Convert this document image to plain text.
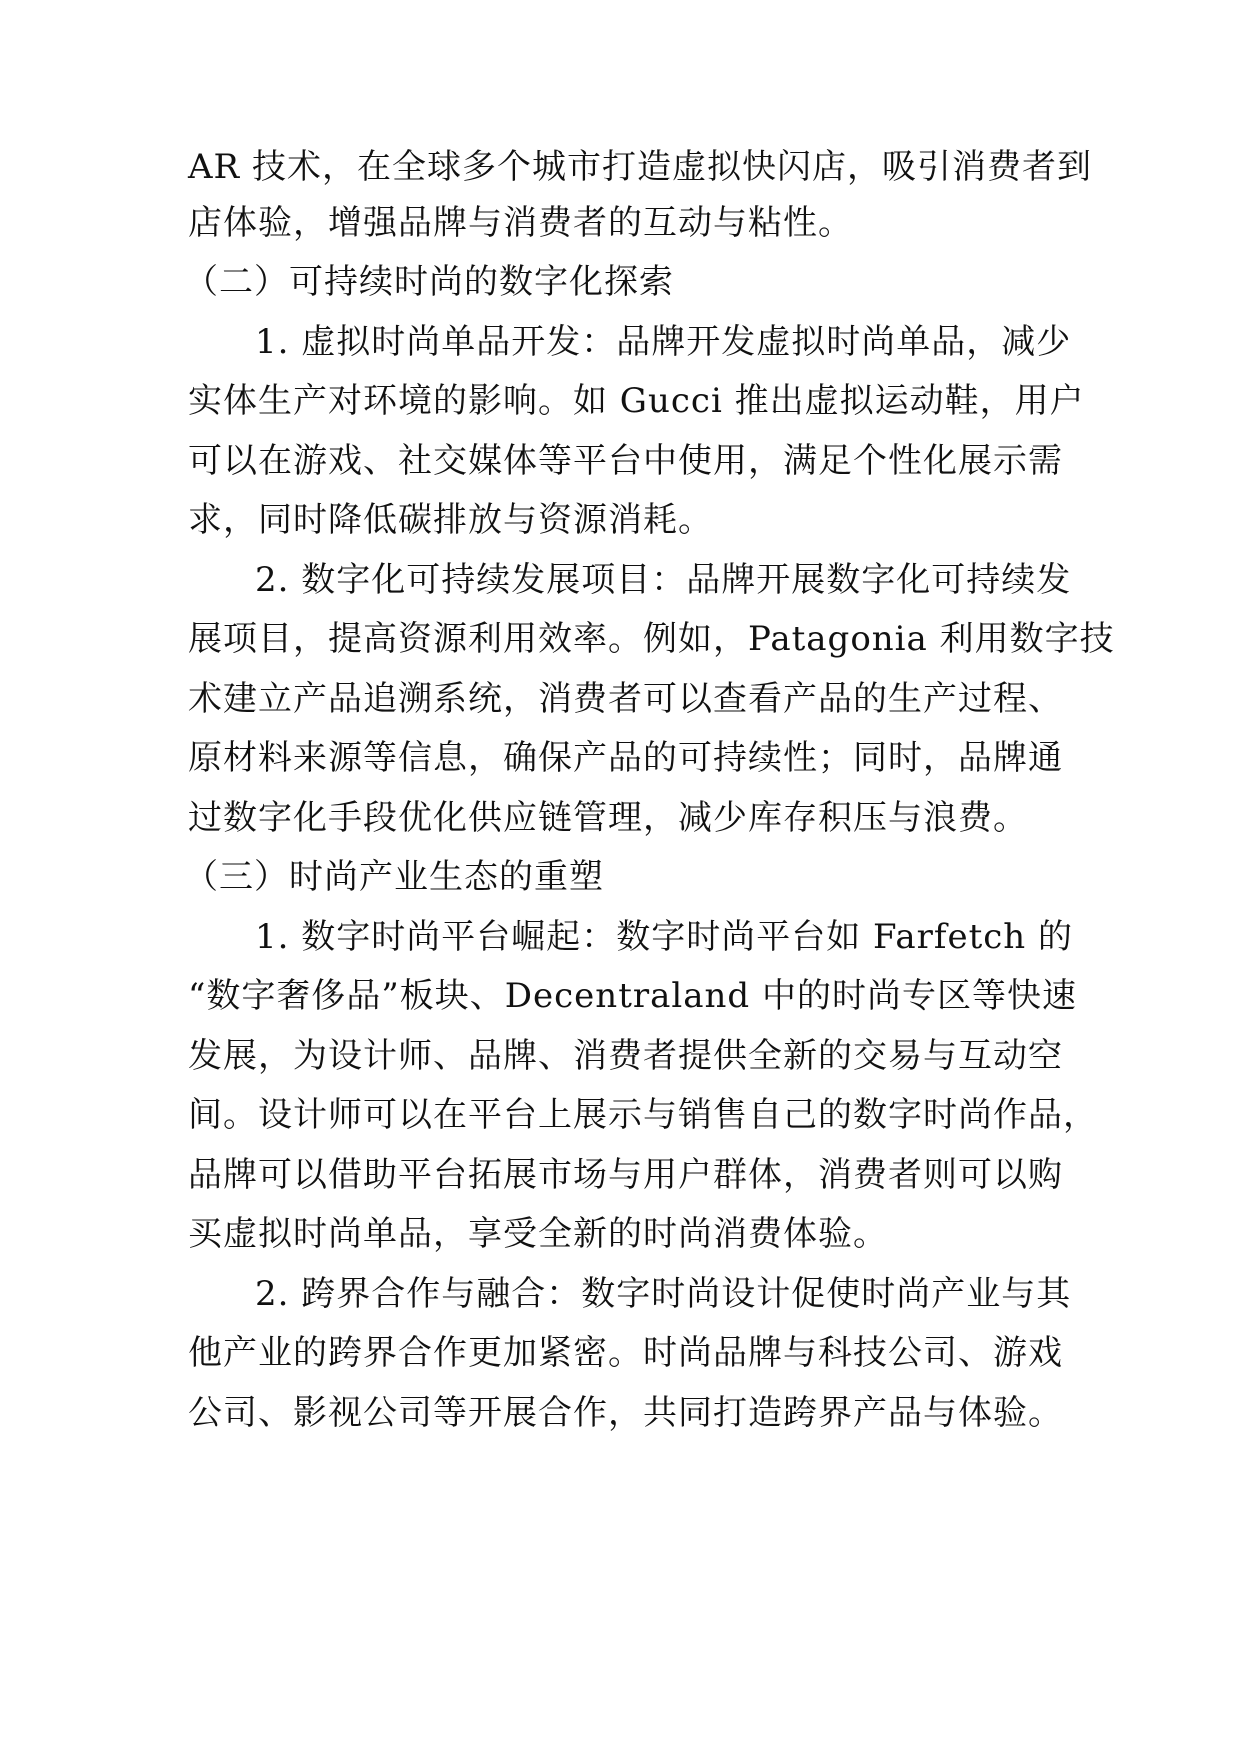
AR 技术，在全球多个城市打造虚拟快闪店，吸引消费者到
店体验，增强品牌与消费者的互动与粘性。
（二）可持续时尚的数字化探索
1. 虚拟时尚单品开发：品牌开发虚拟时尚单品，减少
实体生产对环境的影响。如 Gucci 推出虚拟运动鞋，用户
可以在游戏、社交媒体等平台中使用，满足个性化展示需
求，同时降低碳排放与资源消耗。
2. 数字化可持续发展项目：品牌开展数字化可持续发
展项目，提高资源利用效率。例如，Patagonia 利用数字技
术建立产品追溯系统，消费者可以查看产品的生产过程、
原材料来源等信息，确保产品的可持续性；同时，品牌通
过数字化手段优化供应链管理，减少库存积压与浪费。
（三）时尚产业生态的重塑
1. 数字时尚平台崛起：数字时尚平台如 Farfetch 的
“数字奢侈品”板块、Decentraland 中的时尚专区等快速
发展，为设计师、品牌、消费者提供全新的交易与互动空
间。设计师可以在平台上展示与销售自己的数字时尚作品，
品牌可以借助平台拓展市场与用户群体，消费者则可以购
买虚拟时尚单品，享受全新的时尚消费体验。
2. 跨界合作与融合：数字时尚设计促使时尚产业与其
他产业的跨界合作更加紧密。时尚品牌与科技公司、游戏
公司、影视公司等开展合作，共同打造跨界产品与体验。
